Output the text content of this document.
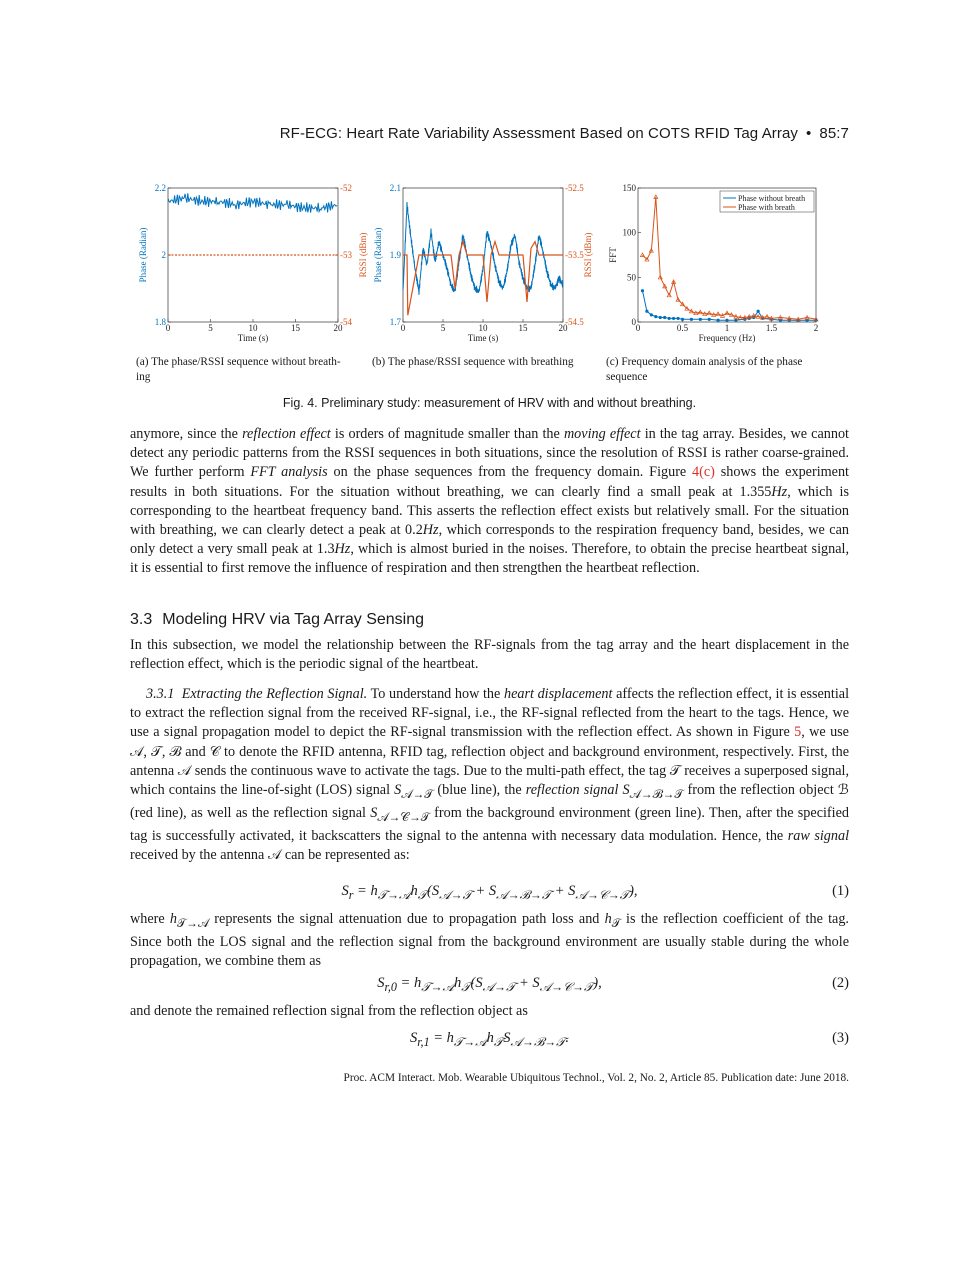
RF-ECG: Heart Rate Variability Assessment Based on COTS RFID Tag Array • 85:7
0	5	10	15	20
Time (s)
1.8
2
2.2
Phase (Radian)
-54
-53
-52
RSSI (dBm)
0	5	10	15	20
Time (s)
1.7
1.9
2.1
Phase (Radian)
-54.5
-53.5
-52.5
RSSI (dBm)
0	0.5	1	1.5	2
Frequency (Hz)
0
50
100
150
FFT
Phase without breath
Phase with breath
(a) The phase/RSSI sequence without breath-
ing
(b) The phase/RSSI sequence with breathing	(c) Frequency domain analysis of the phase
sequence
Fig. 4. Preliminary study: measurement of HRV with and without breathing.

anymore, since the reflection effect is orders of magnitude smaller than the moving effect in the tag array. Besides, we cannot detect any periodic patterns from the RSSI sequences in both situations, since the resolution of RSSI is rather coarse-grained. We further perform FFT analysis on the phase sequences from the frequency domain. Figure 4(c) shows the experiment results in both situations. For the situation without breathing, we can clearly find a small peak at 1.355Hz, which is corresponding to the heartbeat frequency band. This asserts the reflection effect exists but relatively small. For the situation with breathing, we can clearly detect a peak at 0.2Hz, which corresponds to the respiration frequency band, besides, we can only detect a very small peak at 1.3Hz, which is almost buried in the noises. Therefore, to obtain the precise heartbeat signal, it is essential to first remove the influence of respiration and then strengthen the heartbeat reflection.

3.3 Modeling HRV via Tag Array Sensing

In this subsection, we model the relationship between the RF-signals from the tag array and the heart displacement in the reflection effect, which is the periodic signal of the heartbeat.

3.3.1 Extracting the Reflection Signal. To understand how the heart displacement affects the reflection effect, it is essential to extract the reflection signal from the received RF-signal, i.e., the RF-signal reflected from the heart to the tags. Hence, we use a signal propagation model to depict the RF-signal transmission with the reflection effect. As shown in Figure 5, we use 𝒜, 𝒯, ℬ and 𝒞 to denote the RFID antenna, RFID tag, reflection object and background environment, respectively. First, the antenna 𝒜 sends the continuous wave to activate the tags. Due to the multi-path effect, the tag 𝒯 receives a superposed signal, which contains the line-of-sight (LOS) signal $S_{𝒜\to 𝒯}$ (blue line), the reflection signal $S_{𝒜\to ℬ\to 𝒯}$ from the reflection object ℬ (red line), as well as the reflection signal $S_{𝒜\to 𝒞\to 𝒯}$ from the background environment (green line). Then, after the specified tag is successfully activated, it backscatters the signal to the antenna with necessary data modulation. Hence, the raw signal received by the antenna 𝒜 can be represented as:

$S_r = h_{𝒯\to 𝒜}h_𝒯(S_{𝒜\to 𝒯} + S_{𝒜\to ℬ\to 𝒯} + S_{𝒜\to 𝒞\to 𝒯})$,	(1)

where $h_{𝒯\to 𝒜}$ represents the signal attenuation due to propagation path loss and $h_𝒯$ is the reflection coefficient of the tag. Since both the LOS signal and the reflection signal from the background environment are usually stable during the whole propagation, we combine them as

$S_{r,0} = h_{𝒯\to 𝒜}h_𝒯(S_{𝒜\to 𝒯} + S_{𝒜\to 𝒞\to 𝒯})$,	(2)

and denote the remained reflection signal from the reflection object as

$S_{r,1} = h_{𝒯\to 𝒜}h_𝒯S_{𝒜\to ℬ\to 𝒯}$.	(3)
Proc. ACM Interact. Mob. Wearable Ubiquitous Technol., Vol. 2, No. 2, Article 85. Publication date: June 2018.
